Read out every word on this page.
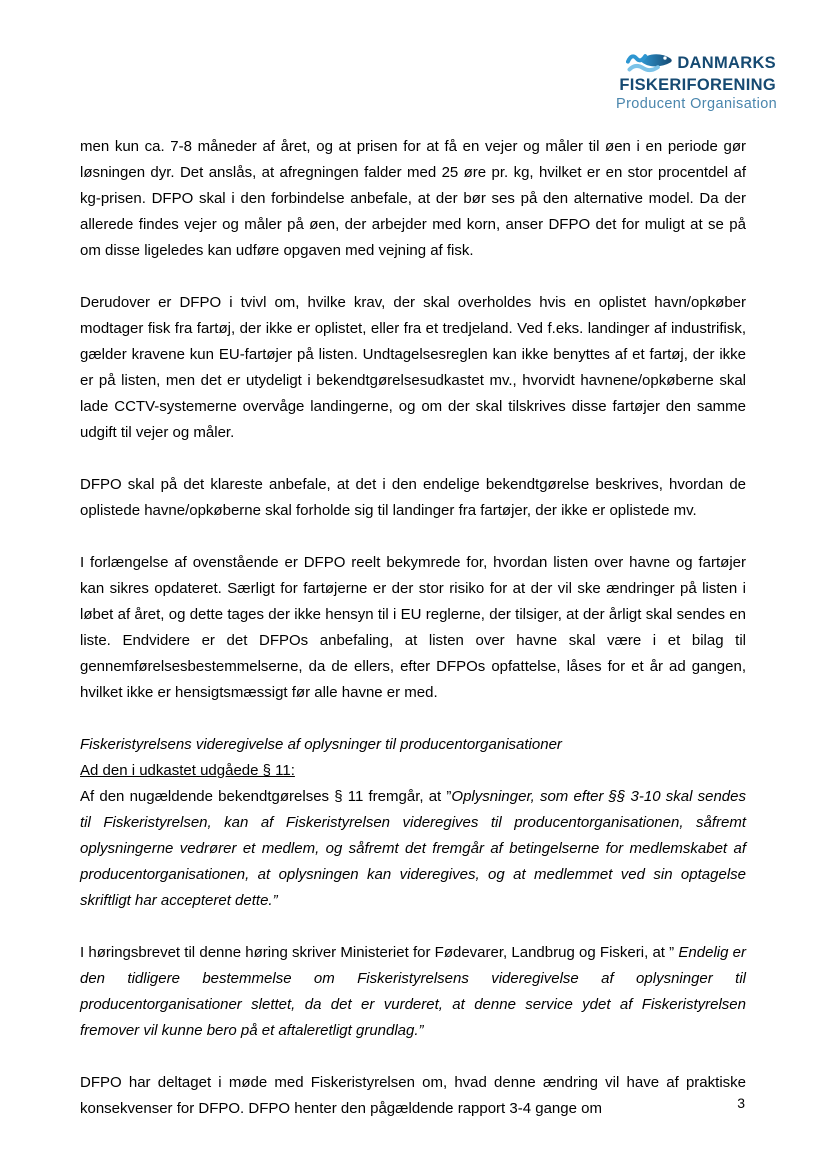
DANMARKS
FISKERIFORENING
Producent Organisation

men kun ca. 7-8 måneder af året, og at prisen for at få en vejer og måler til øen i en periode gør løsningen dyr. Det anslås, at afregningen falder med 25 øre pr. kg, hvilket er en stor procentdel af kg-prisen. DFPO skal i den forbindelse anbefale, at der bør ses på den alternative model. Da der allerede findes vejer og måler på øen, der arbejder med korn, anser DFPO det for muligt at se på om disse ligeledes kan udføre opgaven med vejning af fisk.

Derudover er DFPO i tvivl om, hvilke krav, der skal overholdes hvis en oplistet havn/opkøber modtager fisk fra fartøj, der ikke er oplistet, eller fra et tredjeland. Ved f.eks. landinger af industrifisk, gælder kravene kun EU-fartøjer på listen. Undtagelsesreglen kan ikke benyttes af et fartøj, der ikke er på listen, men det er utydeligt i bekendtgørelsesudkastet mv., hvorvidt havnene/opkøberne skal lade CCTV-systemerne overvåge landingerne, og om der skal tilskrives disse fartøjer den samme udgift til vejer og måler.

DFPO skal på det klareste anbefale, at det i den endelige bekendtgørelse beskrives, hvordan de oplistede havne/opkøberne skal forholde sig til landinger fra fartøjer, der ikke er oplistede mv.

I forlængelse af ovenstående er DFPO reelt bekymrede for, hvordan listen over havne og fartøjer kan sikres opdateret. Særligt for fartøjerne er der stor risiko for at der vil ske ændringer på listen i løbet af året, og dette tages der ikke hensyn til i EU reglerne, der tilsiger, at der årligt skal sendes en liste. Endvidere er det DFPOs anbefaling, at listen over havne skal være i et bilag til gennemførelsesbestemmelserne, da de ellers, efter DFPOs opfattelse, låses for et år ad gangen, hvilket ikke er hensigtsmæssigt før alle havne er med.

Fiskeristyrelsens videregivelse af oplysninger til producentorganisationer

Ad den i udkastet udgåede § 11:

Af den nugældende bekendtgørelses § 11 fremgår, at ”Oplysninger, som efter §§ 3-10 skal sendes til Fiskeristyrelsen, kan af Fiskeristyrelsen videregives til producentorganisationen, såfremt oplysningerne vedrører et medlem, og såfremt det fremgår af betingelserne for medlemskabet af producentorganisationen, at oplysningen kan videregives, og at medlemmet ved sin optagelse skriftligt har accepteret dette.”

I høringsbrevet til denne høring skriver Ministeriet for Fødevarer, Landbrug og Fiskeri, at ” Endelig er den tidligere bestemmelse om Fiskeristyrelsens videregivelse af oplysninger til producentorganisationer slettet, da det er vurderet, at denne service ydet af Fiskeristyrelsen fremover vil kunne bero på et aftaleretligt grundlag.”

DFPO har deltaget i møde med Fiskeristyrelsen om, hvad denne ændring vil have af praktiske konsekvenser for DFPO. DFPO henter den pågældende rapport 3-4 gange om	3
